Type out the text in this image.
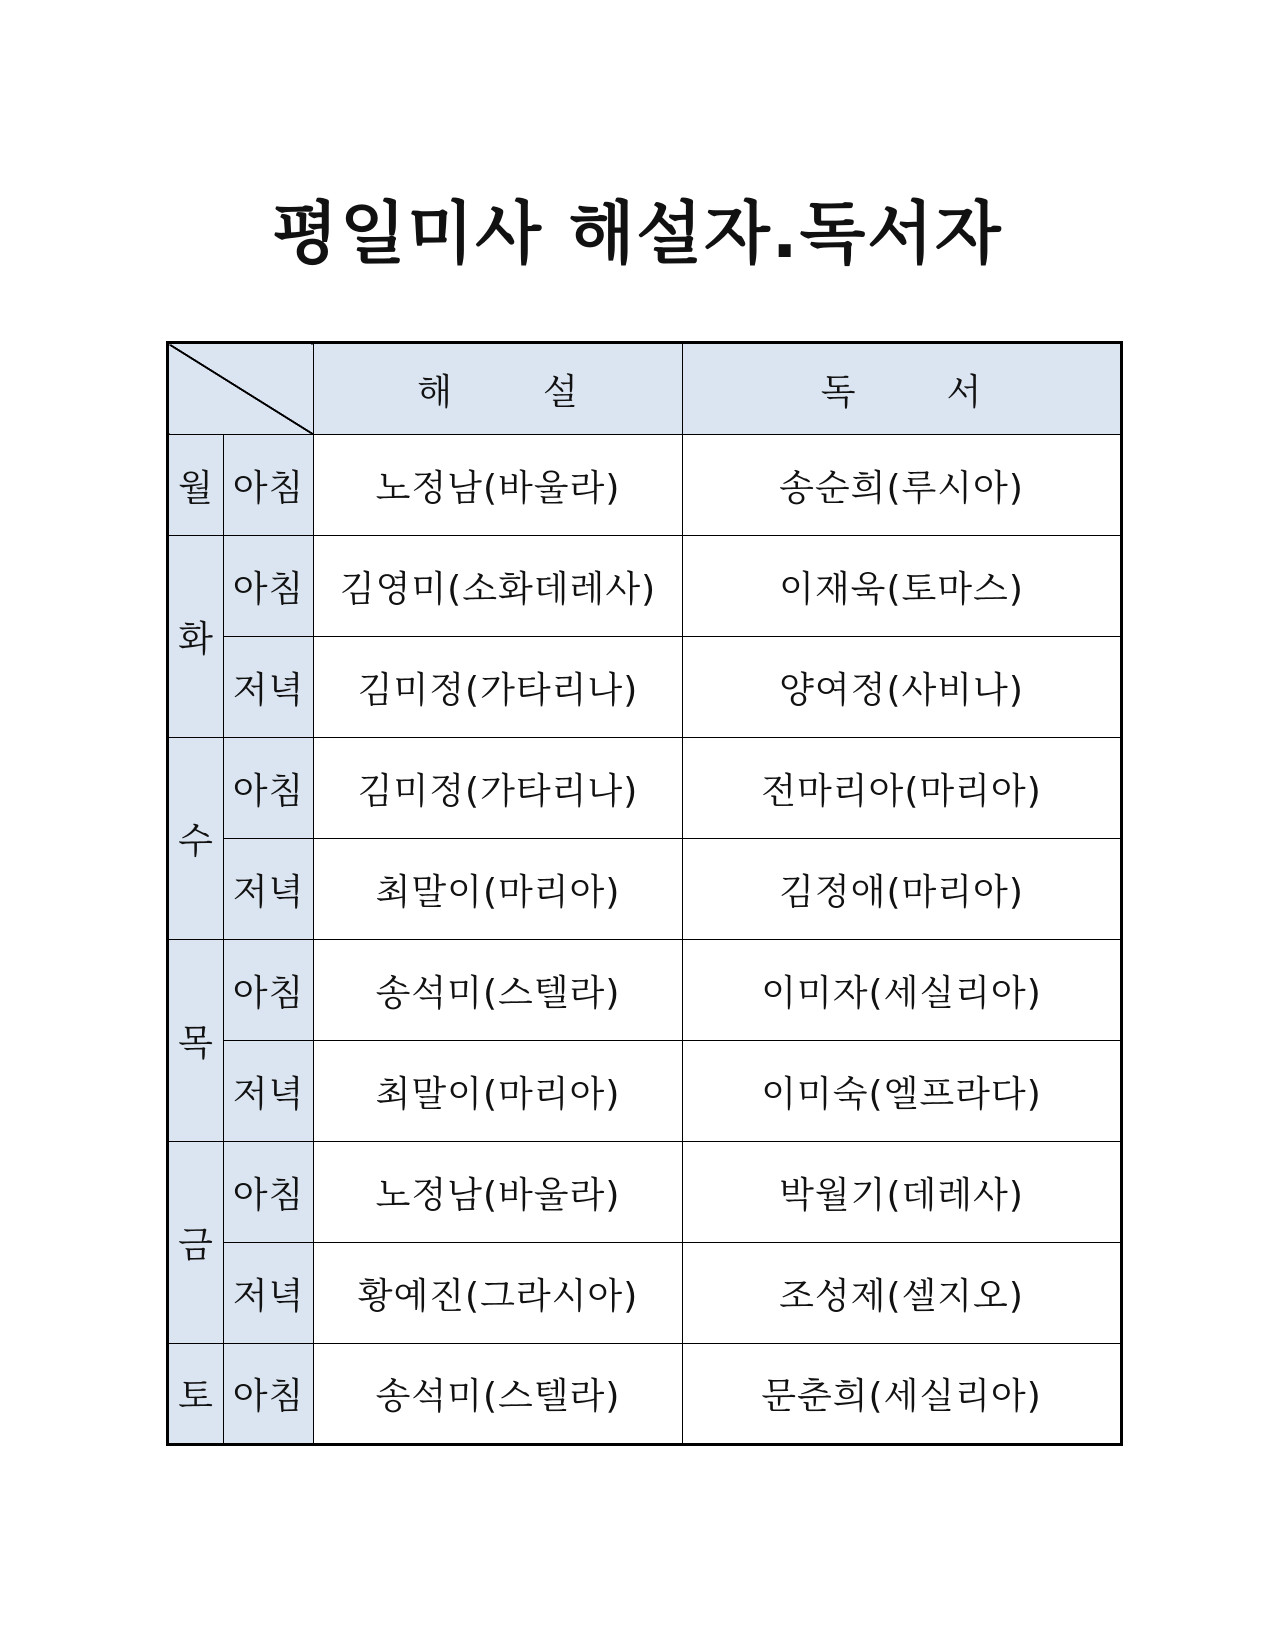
평일미사 해설자.독서자
		해 설	독 서
월	아침	노정남(바울라)	송순희(루시아)
화	아침	김영미(소화데레사)	이재욱(토마스)
	저녁	김미정(가타리나)	양여정(사비나)
수	아침	김미정(가타리나)	전마리아(마리아)
	저녁	최말이(마리아)	김정애(마리아)
목	아침	송석미(스텔라)	이미자(세실리아)
	저녁	최말이(마리아)	이미숙(엘프라다)
금	아침	노정남(바울라)	박월기(데레사)
	저녁	황예진(그라시아)	조성제(셀지오)
토	아침	송석미(스텔라)	문춘희(세실리아)
